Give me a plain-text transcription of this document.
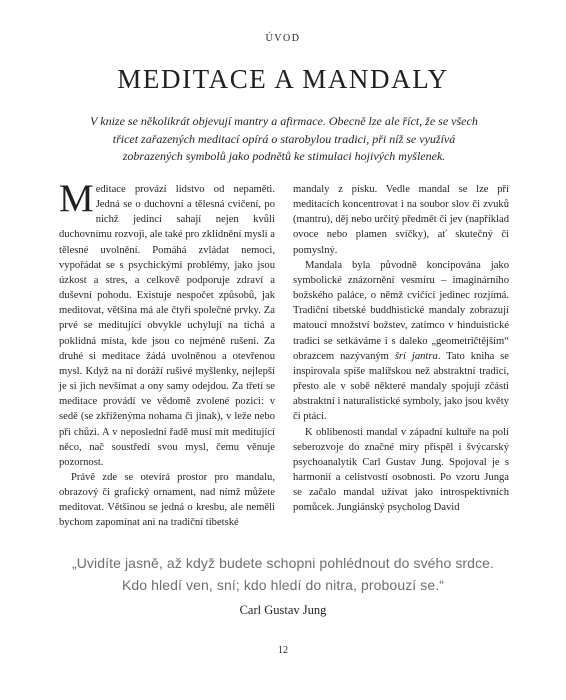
ÚVOD
MEDITACE A MANDALY

V knize se několikrát objevují mantry a afirmace. Obecně lze ale říct, že se všech třicet zařazených meditací opírá o starobylou tradici, při níž se využívá zobrazených symbolů jako podnětů ke stimulaci hojivých myšlenek.

Meditace provází lidstvo od nepaměti. Jedná se o duchovní a tělesná cvičení, po nichž jedinci sahají nejen kvůli duchovnímu rozvoji, ale také pro zklidnění mysli a tělesné uvolnění. Pomáhá zvládat nemoci, vypořádat se s psychickými problémy, jako jsou úzkost a stres, a celkově podporuje zdraví a duševní pohodu. Existuje nespočet způsobů, jak meditovat, většina má ale čtyři společné prvky. Za prvé se meditující obvykle uchylují na tichá a poklidná místa, kde jsou co nejméně rušeni. Za druhé si meditace žádá uvolněnou a otevřenou mysl. Když na ni doráží rušivé myšlenky, nejlepší je si jich nevšímat a ony samy odejdou. Za třetí se meditace provádí ve vědomě zvolené pozici: v sedě (se zkříženýma nohama či jinak), v leže nebo při chůzi. A v neposlední řadě musí mít meditující něco, nač soustředí svou mysl, čemu věnuje pozornost.

Právě zde se otevírá prostor pro mandalu, obrazový či grafický ornament, nad nímž můžete meditovat. Většinou se jedná o kresbu, ale neměli bychom zapomínat ani na tradiční tibetské

mandaly z písku. Vedle mandal se lze při meditacích koncentrovat i na soubor slov či zvuků (mantru), děj nebo určitý předmět či jev (například ovoce nebo plamen svíčky), ať skutečný či pomyslný.

Mandala byla původně koncipována jako symbolické znázornění vesmíru – imaginárního božského paláce, o němž cvičící jedinec rozjímá. Tradiční tibetské buddhistické mandaly zobrazují matoucí množství božstev, zatímco v hinduistické tradici se setkáváme i s daleko „geometričtějším“ obrazcem nazývaným šrí jantra. Tato kniha se inspirovala spíše malířskou než abstraktní tradicí, přesto ale v sobě některé mandaly spojují zčásti abstraktní i naturalistické symboly, jako jsou květy či ptáci.

K oblibenosti mandal v západní kultuře na poli seberozvoje do značné míry přispěl i švýcarský psychoanalytik Carl Gustav Jung. Spojoval je s harmonií a celistvostí osobnosti. Po vzoru Junga se začalo mandal užívat jako introspektivních pomůcek. Jungiánský psycholog David

„Uvidíte jasně, až když budete schopni pohlédnout do svého srdce.

Kdo hledí ven, sní; kdo hledí do nitra, probouzí se.“

Carl Gustav Jung
12
